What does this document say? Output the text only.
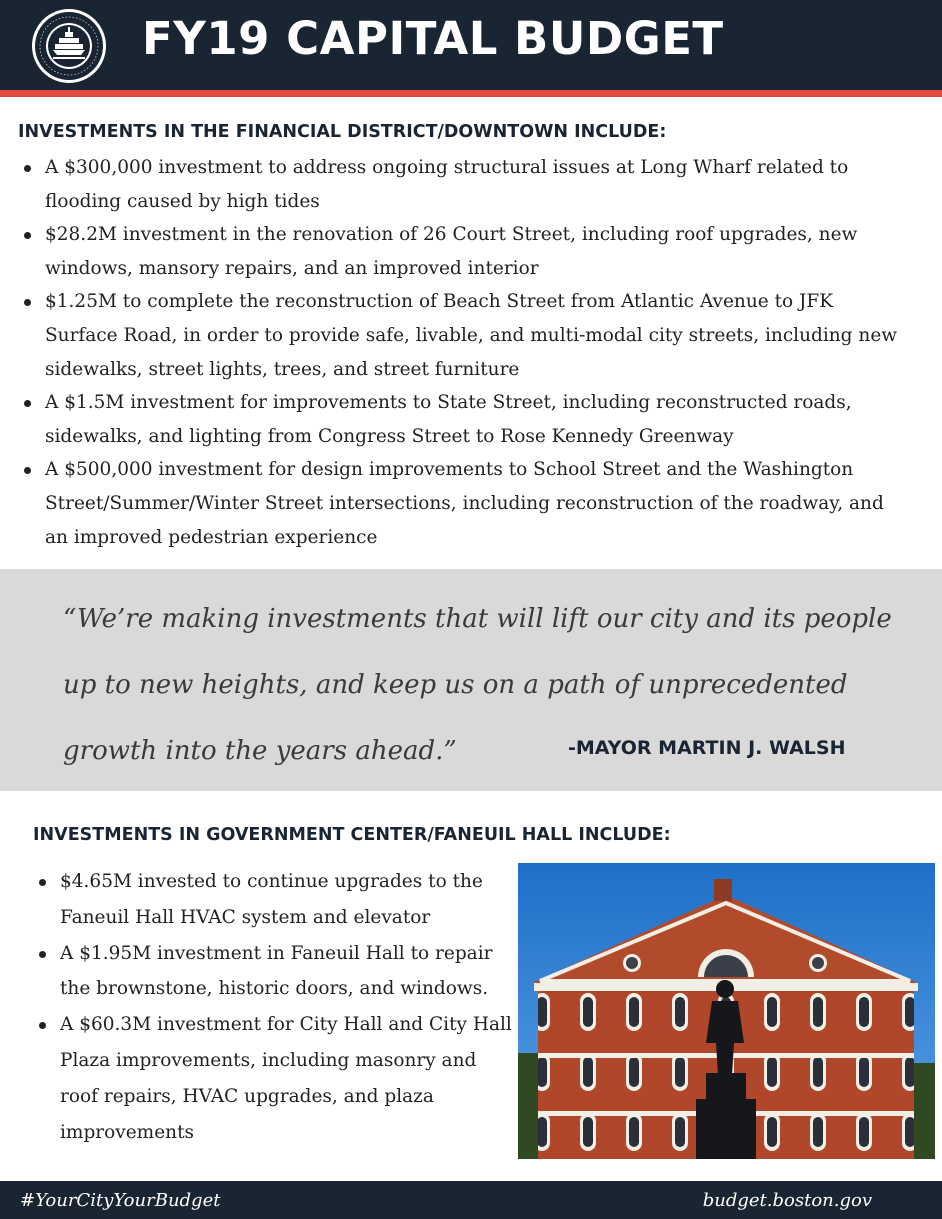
FY19 CAPITAL BUDGET
INVESTMENTS IN THE FINANCIAL DISTRICT/DOWNTOWN INCLUDE:
A $300,000 investment to address ongoing structural issues at Long Wharf related to flooding caused by high tides
$28.2M investment in the renovation of 26 Court Street, including roof upgrades, new windows, mansory repairs, and an improved interior
$1.25M to complete the reconstruction of Beach Street from Atlantic Avenue to JFK Surface Road, in order to provide safe, livable, and multi-modal city streets, including new sidewalks, street lights, trees, and street furniture
A $1.5M investment for improvements to State Street, including reconstructed roads, sidewalks, and lighting from Congress Street to Rose Kennedy Greenway
A $500,000 investment for design improvements to School Street and the Washington Street/Summer/Winter Street intersections, including reconstruction of the roadway, and an improved pedestrian experience

“We’re making investments that will lift our city and its people up to new heights, and keep us on a path of unprecedented growth into the years ahead.”	-MAYOR MARTIN J. WALSH
INVESTMENTS IN GOVERNMENT CENTER/FANEUIL HALL INCLUDE:
$4.65M invested to continue upgrades to the Faneuil Hall HVAC system and elevator
A $1.95M investment in Faneuil Hall to repair the brownstone, historic doors, and windows.
A $60.3M investment for City Hall and City Hall Plaza improvements, including masonry and roof repairs, HVAC upgrades, and plaza improvements
#YourCityYourBudget	budget.boston.gov
